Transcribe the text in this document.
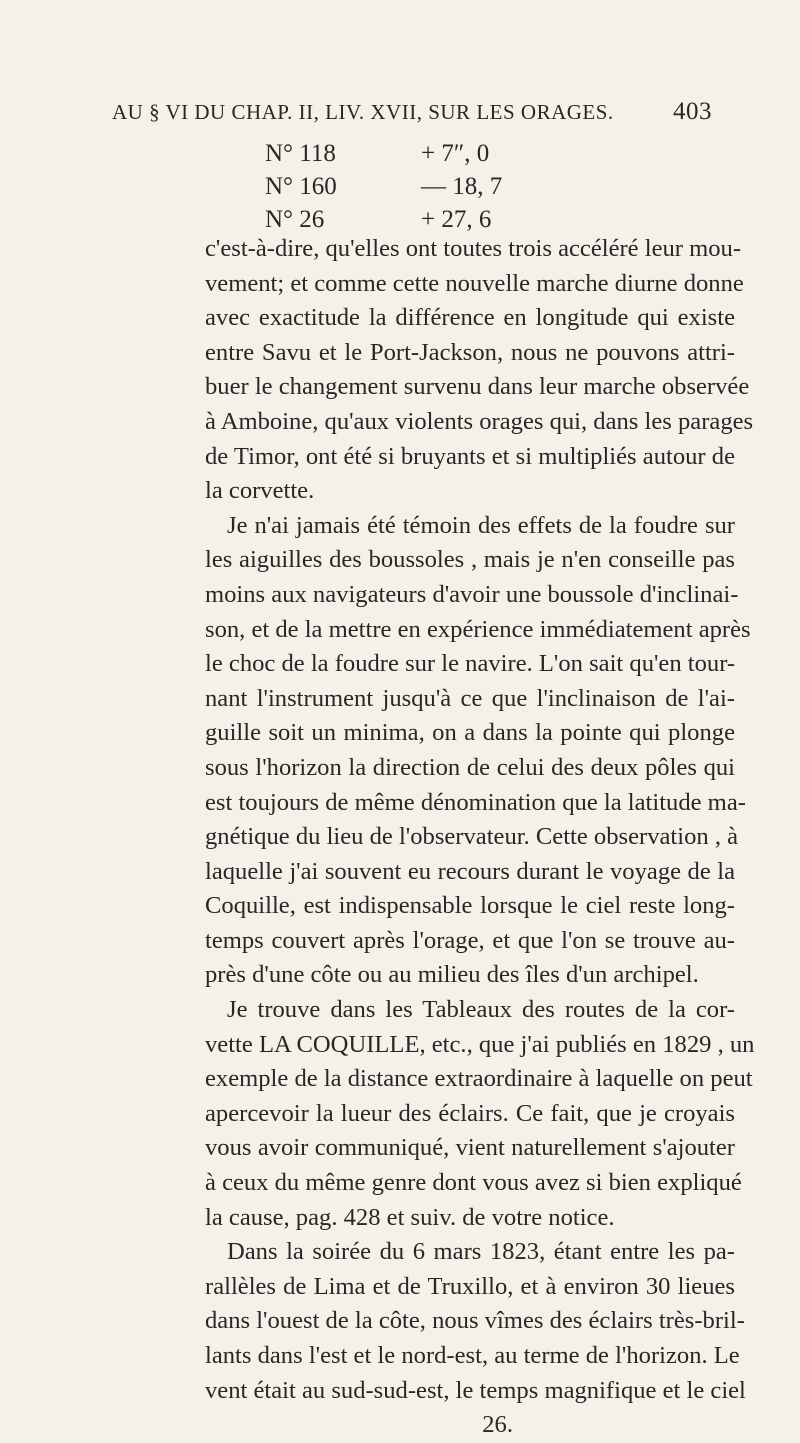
AU § VI DU CHAP. II, LIV. XVII, SUR LES ORAGES. 403
N° 118	+ 7″, 0
N° 160	— 18, 7
N° 26	+ 27, 6
c'est-à-dire, qu'elles ont toutes trois accéléré leur mou-
vement; et comme cette nouvelle marche diurne donne
avec exactitude la différence en longitude qui existe
entre Savu et le Port-Jackson, nous ne pouvons attri-
buer le changement survenu dans leur marche observée
à Amboine, qu'aux violents orages qui, dans les parages
de Timor, ont été si bruyants et si multipliés autour de
la corvette.
Je n'ai jamais été témoin des effets de la foudre sur
les aiguilles des boussoles , mais je n'en conseille pas
moins aux navigateurs d'avoir une boussole d'inclinai-
son, et de la mettre en expérience immédiatement après
le choc de la foudre sur le navire. L'on sait qu'en tour-
nant l'instrument jusqu'à ce que l'inclinaison de l'ai-
guille soit un minima, on a dans la pointe qui plonge
sous l'horizon la direction de celui des deux pôles qui
est toujours de même dénomination que la latitude ma-
gnétique du lieu de l'observateur. Cette observation , à
laquelle j'ai souvent eu recours durant le voyage de la
Coquille, est indispensable lorsque le ciel reste long-
temps couvert après l'orage, et que l'on se trouve au-
près d'une côte ou au milieu des îles d'un archipel.
Je trouve dans les Tableaux des routes de la cor-
vette LA COQUILLE, etc., que j'ai publiés en 1829 , un
exemple de la distance extraordinaire à laquelle on peut
apercevoir la lueur des éclairs. Ce fait, que je croyais
vous avoir communiqué, vient naturellement s'ajouter
à ceux du même genre dont vous avez si bien expliqué
la cause, pag. 428 et suiv. de votre notice.
Dans la soirée du 6 mars 1823, étant entre les pa-
rallèles de Lima et de Truxillo, et à environ 30 lieues
dans l'ouest de la côte, nous vîmes des éclairs très-bril-
lants dans l'est et le nord-est, au terme de l'horizon. Le
vent était au sud-sud-est, le temps magnifique et le ciel
26.
